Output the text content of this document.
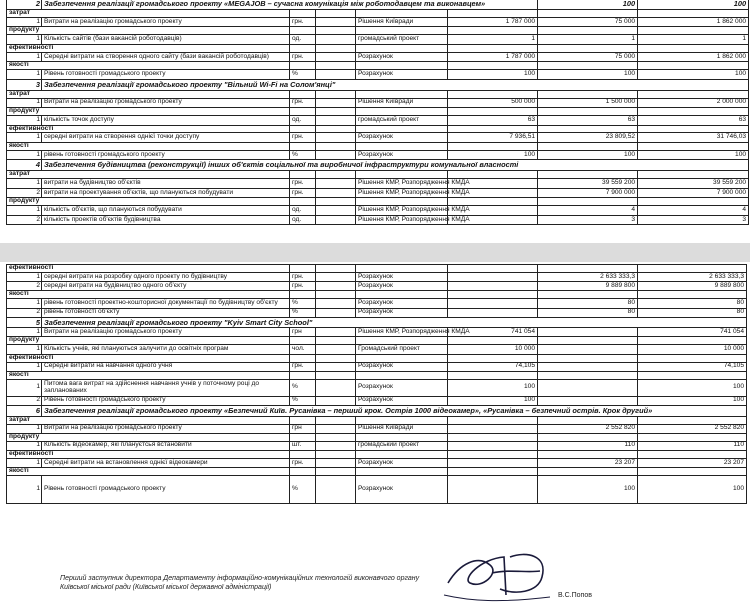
2	Забезпечення реалізації громадського проекту «MEGAJOB – сучасна комунікація між роботодавцем та виконавцем»					100	100
затрат							
1	Витрати на реалізацію громадського проекту	грн.		Рішення Київради	1 787 000	75 000	1 862 000
продукту							
1	Кількість сайтів (бази вакансій роботодавців)	од.		громадський проект	1	1	1
ефективності							
1	Середні витрати на створення одного сайту (бази вакансій роботодавців)	грн.		Розрахунок	1 787 000	75 000	1 862 000
якості							
1	Рівень готовності громадського проекту	%		Розрахунок	100	100	100
3	Забезпечення реалізації громадського проекту "Вільний Wi-Fi на Солом'янці"						
затрат							
1	Витрати на реалізацію громадського проекту	грн.		Рішення Київради	500 000	1 500 000	2 000 000
продукту							
1	кількість точок доступу	од.		громадський проект	63	63	63
ефективності							
1	середні витрати на створення однієї точки доступу	грн.		Розрахунок	7 936,51	23 809,52	31 746,03
якості							
1	рівень готовності громадського проекту	%		Розрахунок	100	100	100
4	Забезпечення будівництва (реконструкції) інших об'єктів соціальної та виробничої інфраструктури комунальної власності						
затрат							
1	витрати на будівництво об'єктів	грн.		Рішення КМР, Розпорядження КМДА		39 559 200	39 559 200
2	витрати на проектування об'єктів, що плануються побудувати	грн.		Рішення КМР, Розпорядження КМДА		7 900 000	7 900 000
продукту							
1	кількість об'єктів, що плануються побудувати	од.		Рішення КМР, Розпорядження КМДА		4	4
2	кількість проектів об'єктів будівництва	од.		Рішення КМР, Розпорядження КМДА		3	3
ефективності							
1	середні витрати на розробку одного проекту по будівництву	грн.		Розрахунок		2 633 333,3	2 633 333,3
2	середні витрати на будівництво одного об'єкту	грн.		Розрахунок		9 889 800	9 889 800
якості							
1	рівень готовності проектно-кошторисної документації по будівництву об'єкту	%		Розрахунок		80	80
2	рівень готовності об'єкту	%		Розрахунок		80	80
5	Забезпечення реалізації громадського проекту "Kyiv Smart City School"						
1	Витрати на реалізацію громадського проекту	грн		Рішення КМР, Розпорядження КМДА	741 054		741 054
продукту							
1	Кількість учнів, які плануються залучити до освітніх програм	чол.		Громадський проект	10 000		10 000
ефективності							
1	Середні витрати на навчання одного учня	грн.		Розрахунок	74,105		74,105
якості							
1	Питома вага витрат на здійснення навчання учнів у поточному році до запланованих	%		Розрахунок	100		100
2	Рівень готовності громадського проекту	%		Розрахунок	100		100
6	Забезпечення реалізації громадського проекту «Безпечний Київ. Русанівка – перший крок. Острів 1000 відеокамер», «Русанівка – безпечний острів. Крок другий»						
затрат							
1	Витрати на реалізацію громадського проекту	грн		Рішення Київради		2 552 820	2 552 820
продукту							
1	Кількість відеокамер, які плануєтсья встановити	шт.		громадський проект		110	110
ефективності							
1	Середні витрати на встановлення однієї відеокамери	грн.		Розрахунок		23 207	23 207
якості							
1	Рівень готовності громадського проекту	%		Розрахунок		100	100
Перший заступник директора Департаменту інформаційно-комунікаційних технологій виконавчого органу
Київської міської ради (Київської міської державної адміністрації)
В.С.Попов
